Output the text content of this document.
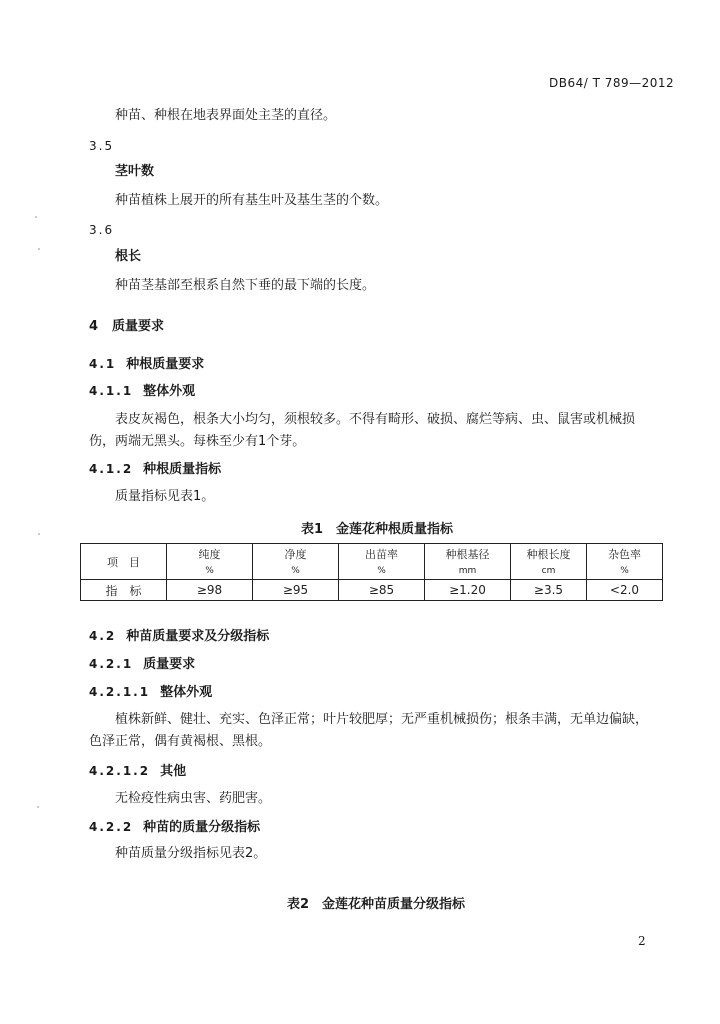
DB64/ T 789—2012
种苗、种根在地表界面处主茎的直径。
3.5
茎叶数
种苗植株上展开的所有基生叶及基生茎的个数。
3.6
根长
种苗茎基部至根系自然下垂的最下端的长度。
4 质量要求
4.1 种根质量要求
4.1.1 整体外观
表皮灰褐色，根条大小均匀，须根较多。不得有畸形、破损、腐烂等病、虫、鼠害或机械损伤，两端无黑头。每株至少有1个芽。
4.1.2 种根质量指标
质量指标见表1。
表1　金莲花种根质量指标
项　目	纯度	净度	出苗率	种根基径	种根长度	杂色率
	%	%	%	mm	cm	%
指　标	≥98	≥95	≥85	≥1.20	≥3.5	<2.0
4.2 种苗质量要求及分级指标
4.2.1 质量要求
4.2.1.1 整体外观
植株新鲜、健壮、充实、色泽正常；叶片较肥厚；无严重机械损伤；根条丰满，无单边偏缺，色泽正常，偶有黄褐根、黑根。
4.2.1.2 其他
无检疫性病虫害、药肥害。
4.2.2 种苗的质量分级指标
种苗质量分级指标见表2。
表2　金莲花种苗质量分级指标
2
